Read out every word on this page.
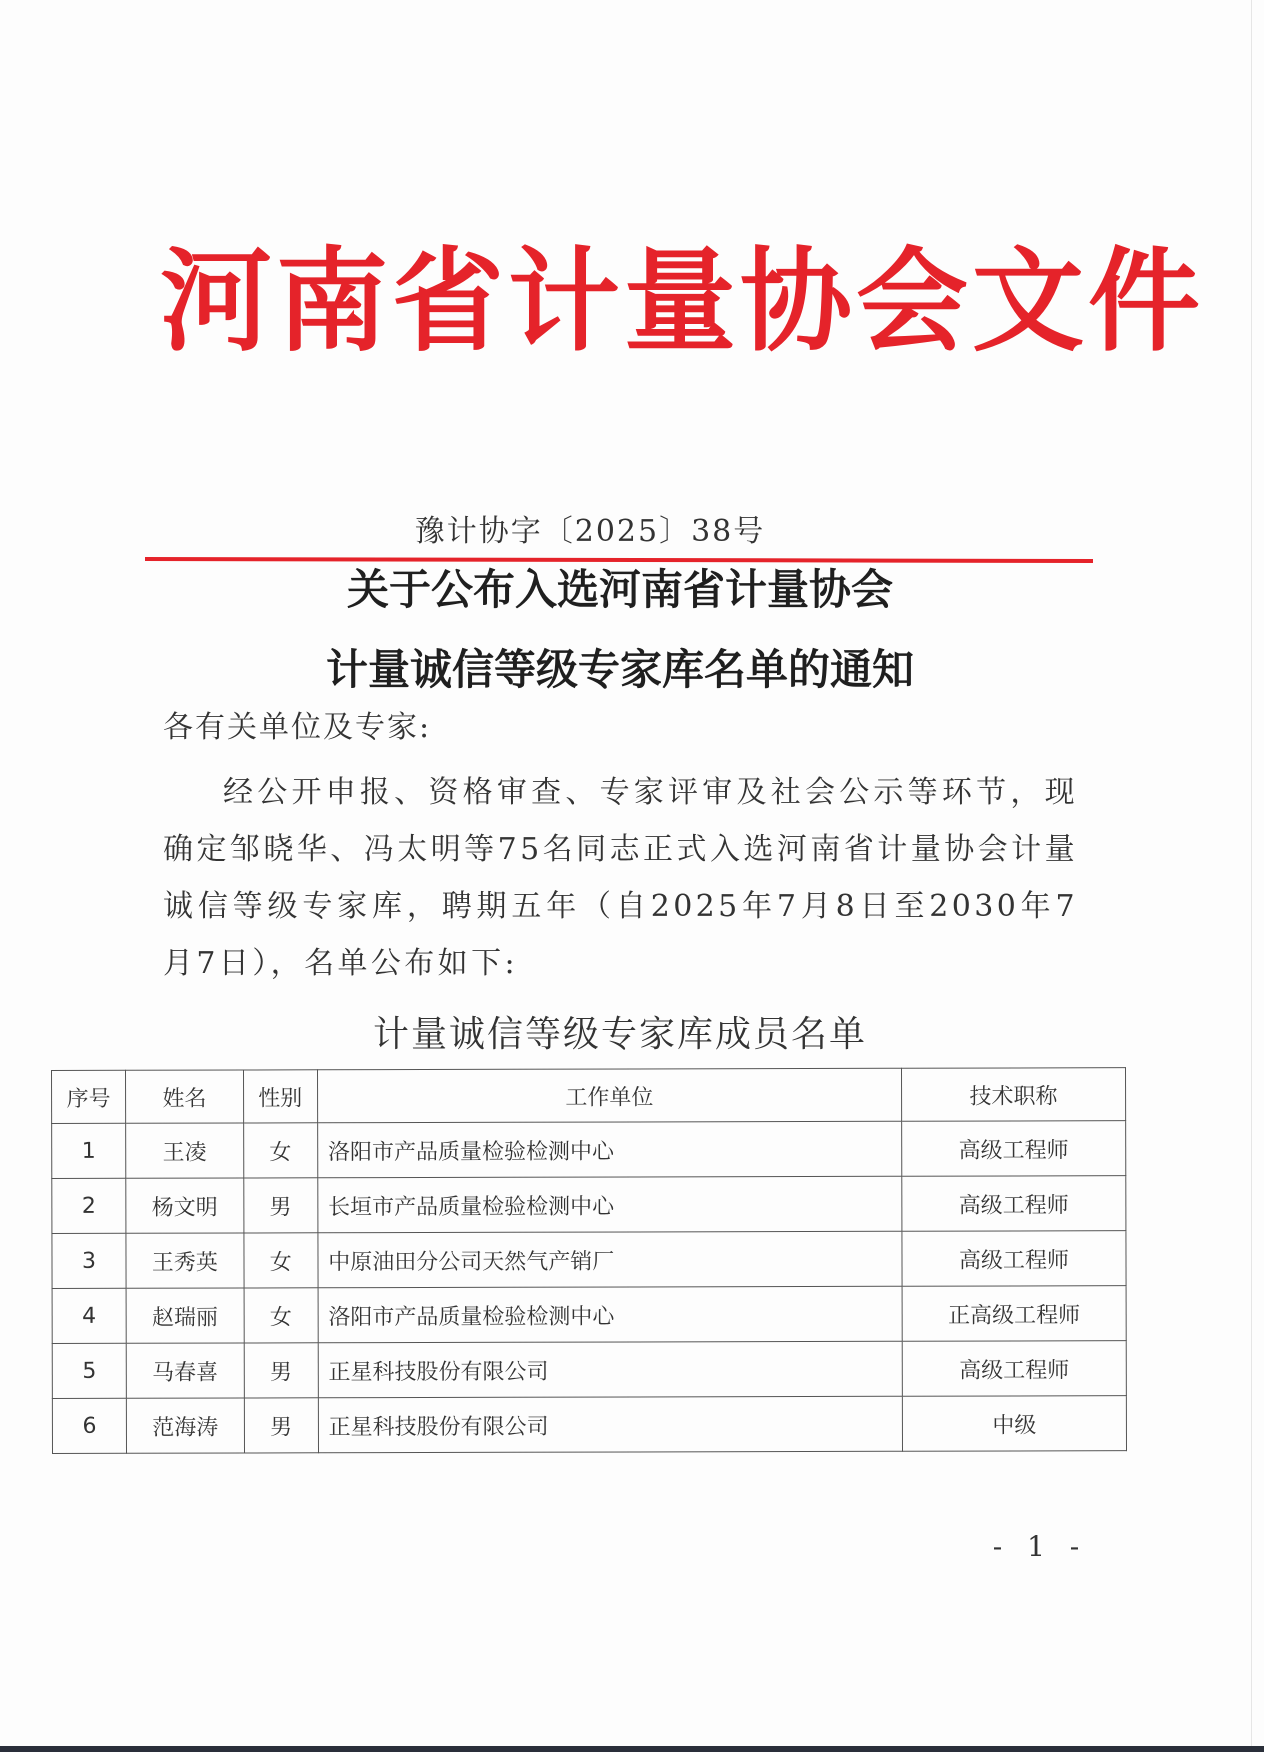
河南省计量协会文件
豫计协字〔2025〕38号
关于公布入选河南省计量协会
计量诚信等级专家库名单的通知
各有关单位及专家:
经公开申报、资格审查、专家评审及社会公示等环节，现确定邹晓华、冯太明等75名同志正式入选河南省计量协会计量诚信等级专家库，聘期五年（自2025年7月8日至2030年7月7日），名单公布如下:
计量诚信等级专家库成员名单
序号	姓名	性别	工作单位	技术职称
1	王凌	女	洛阳市产品质量检验检测中心	高级工程师
2	杨文明	男	长垣市产品质量检验检测中心	高级工程师
3	王秀英	女	中原油田分公司天然气产销厂	高级工程师
4	赵瑞丽	女	洛阳市产品质量检验检测中心	正高级工程师
5	马春喜	男	正星科技股份有限公司	高级工程师
6	范海涛	男	正星科技股份有限公司	中级
- 1 -
